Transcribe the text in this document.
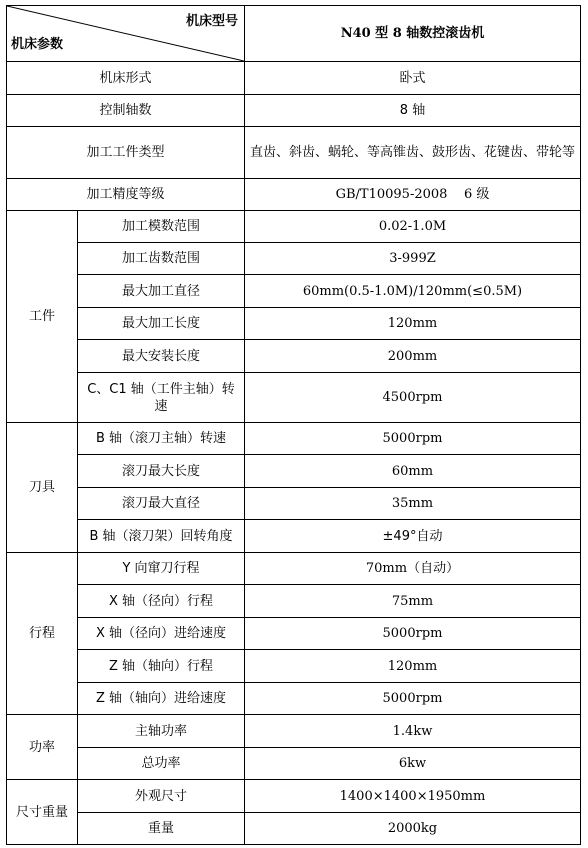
机床型号
机床参数		N40 型 8 轴数控滚齿机
机床形式		卧式
控制轴数		8 轴
加工工件类型		直齿、斜齿、蜗轮、等高锥齿、鼓形齿、花键齿、带轮等
加工精度等级		GB/T10095-2008    6 级
工件	加工模数范围	0.02-1.0M
	加工齿数范围	3-999Z
	最大加工直径	60mm(0.5-1.0M)/120mm(≤0.5M)
	最大加工长度	120mm
	最大安装长度	200mm
	C、C1 轴（工件主轴）转速	4500rpm
刀具	B 轴（滚刀主轴）转速	5000rpm
	滚刀最大长度	60mm
	滚刀最大直径	35mm
	B 轴（滚刀架）回转角度	±49°自动
行程	Y 向窜刀行程	70mm（自动）
	X 轴（径向）行程	75mm
	X 轴（径向）进给速度	5000rpm
	Z 轴（轴向）行程	120mm
	Z 轴（轴向）进给速度	5000rpm
功率	主轴功率	1.4kw
	总功率	6kw
尺寸重量	外观尺寸	1400×1400×1950mm
	重量	2000kg
